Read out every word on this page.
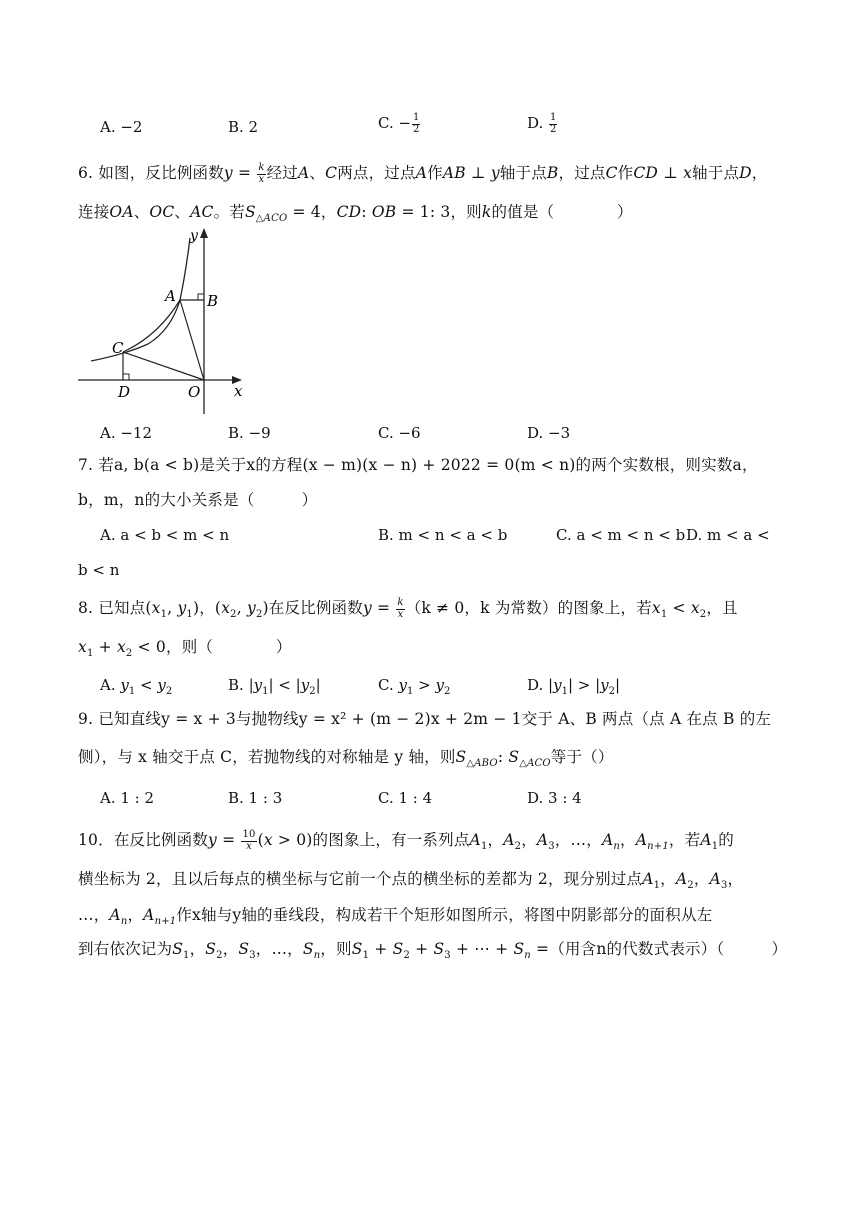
A. −2	B. 2	C. − $\frac{1}{2}$	D. $\frac{1}{2}$
6. 如图，反比例函数$y = \frac{k}{x}$ 经过A、C两点，过点A作AB ⊥ y轴于点B，过点C作CD ⊥ x轴于点D，
连接OA、OC、AC。若$S_{\triangle ACO} = 4$，CD: OB = 1: 3，则k的值是（　　　　）
y
x
A B
C
D	O
A. −12	B. −9	C. −6	D. −3
7. 若a, b(a < b)是关于x的方程(x − m)(x − n) + 2022 = 0(m < n)的两个实数根，则实数a，
b，m，n的大小关系是（　　　）
A. a < b < m < n	B. m < n < a < b	C. a < m < n < b D. m < a <
b < n
8. 已知点($x_1$, $y_1$)，($x_2$, $y_2$)在反比例函数$y = \frac{k}{x} (k \ne 0$，k 为常数）的图象上，若$x_1 < x_2$，且
$x_1 + x_2 < 0$，则（　　　　）
A. $y_1 < y_2$	B. $|y_1| < |y_2|$	C. $y_1 > y_2$	D. $|y_1| > |y_2|$
9. 已知直线y = x + 3与抛物线y = x² + (m − 2)x + 2m − 1交于 A、B 两点（点 A 在点 B 的左
侧），与 x 轴交于点 C，若抛物线的对称轴是 y 轴，则$S_{\triangle ABO}$: $S_{\triangle ACO}$等于（）
A. 1 : 2	B. 1 : 3	C. 1 : 4	D. 3 : 4
10．在反比例函数$y = \frac{10}{x} (x > 0)$的图象上，有一系列点$A_1$，$A_2$，$A_3$，…，$A_n$，$A_{n+1}$，若$A_1$的
横坐标为 2，且以后每点的横坐标与它前一个点的横坐标的差都为 2，现分别过点$A_1$，$A_2$，$A_3$，
…，$A_n$，$A_{n+1}$作x轴与y轴的垂线段，构成若干个矩形如图所示，将图中阴影部分的面积从左
到右依次记为$S_1$，$S_2$，$S_3$，…，$S_n$，则$S_1 + S_2 + S_3$ + ⋯ + $S_n$ =（用含n的代数式表示）（　　　）
